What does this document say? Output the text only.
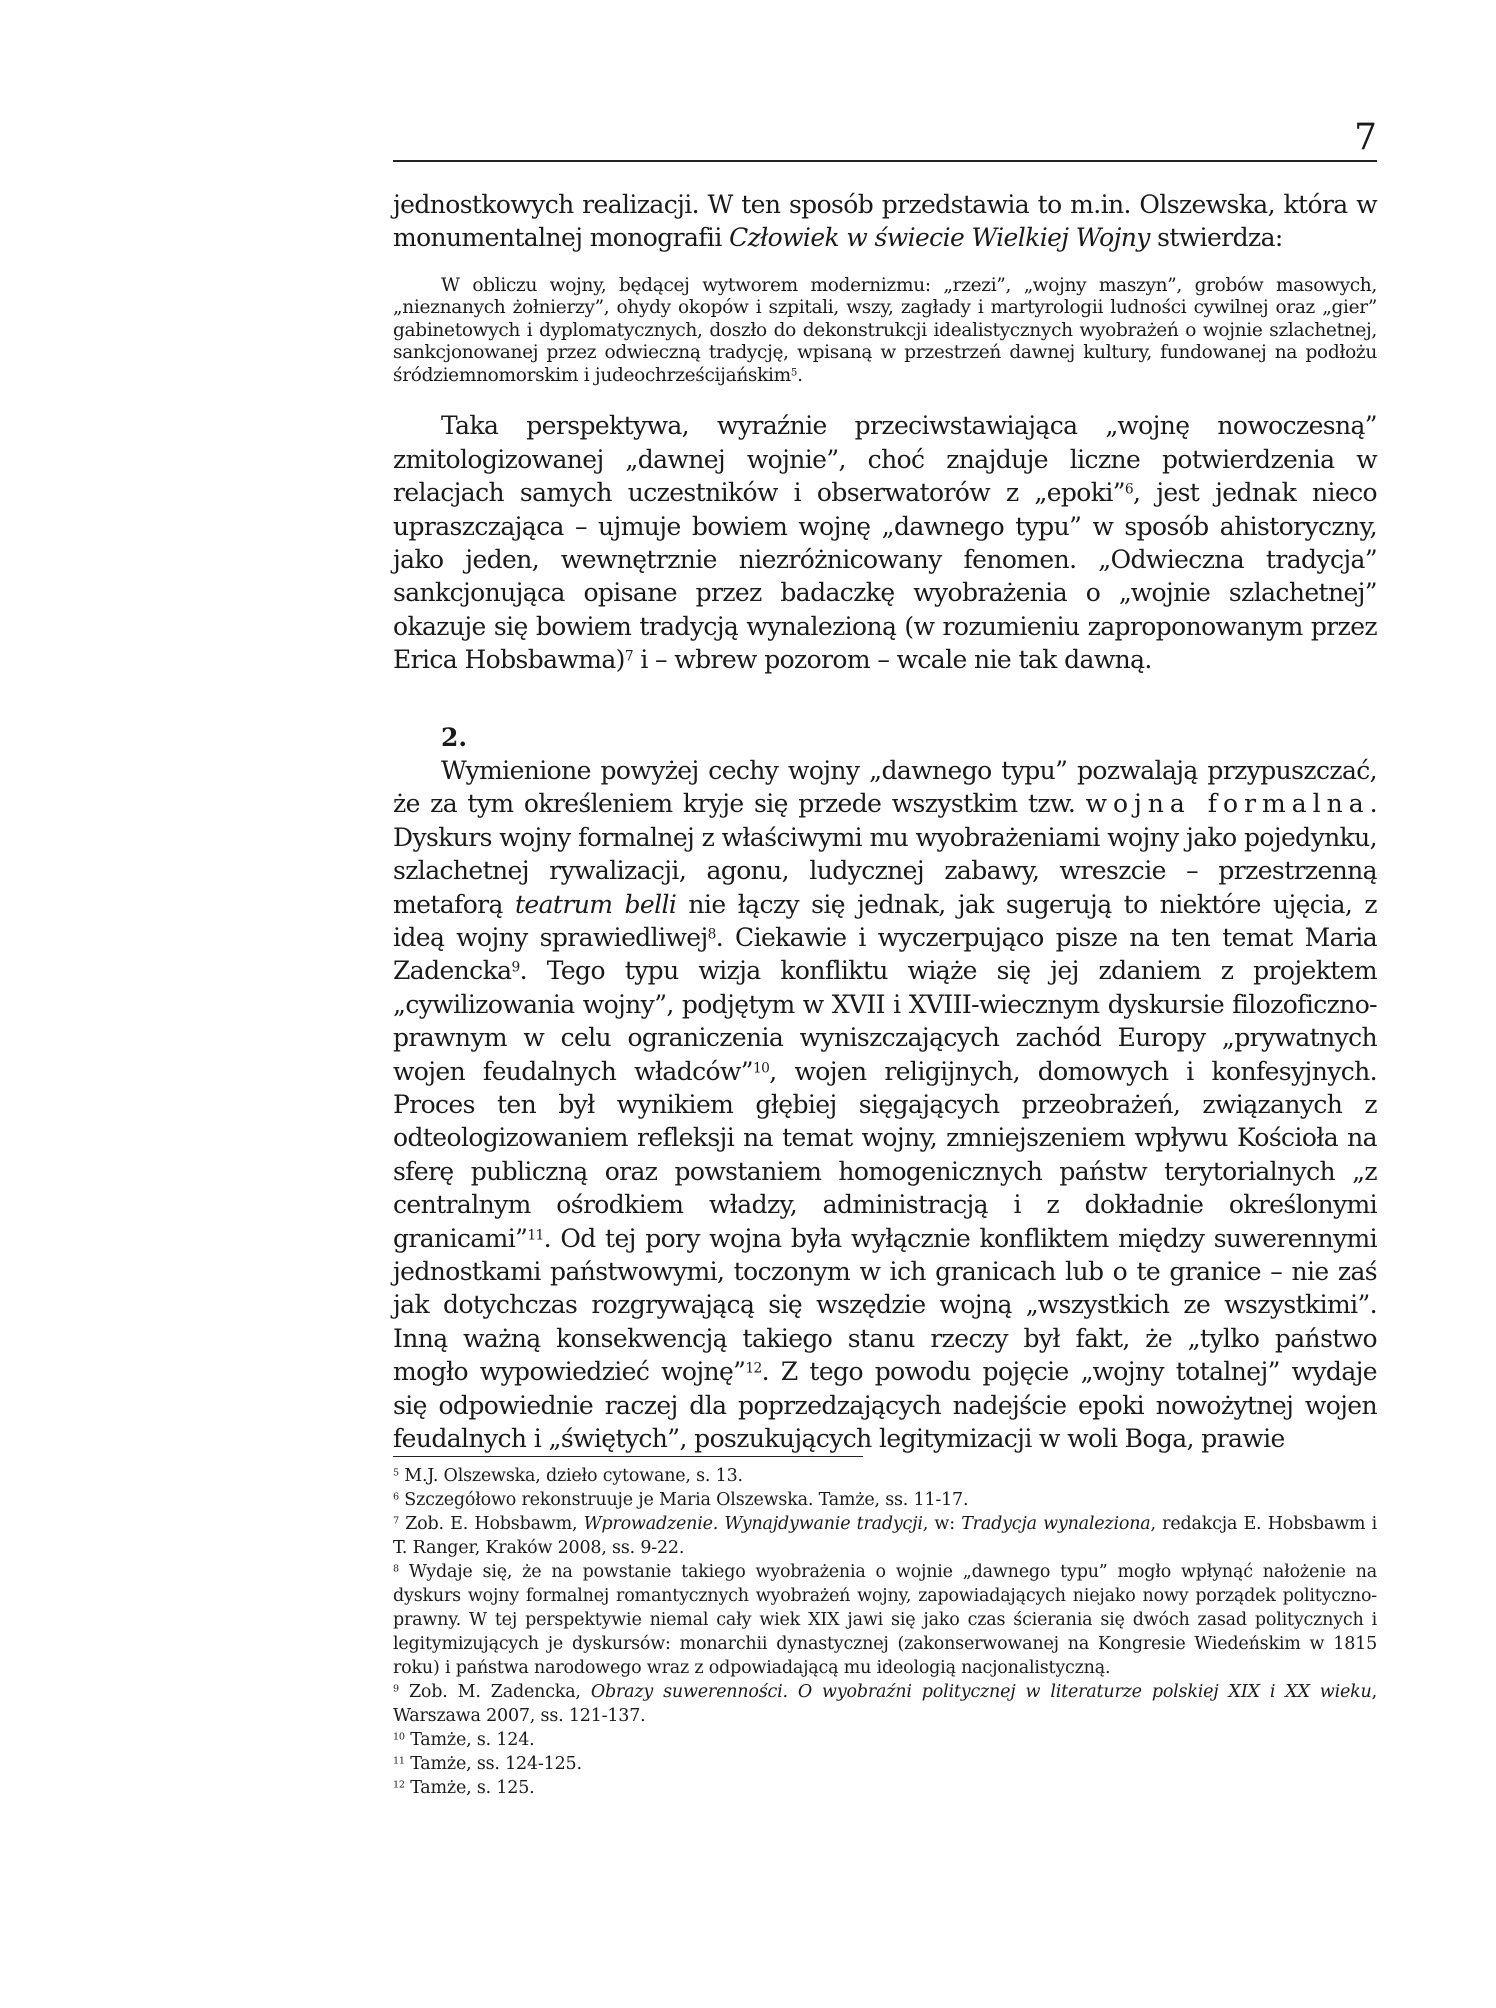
7

jednostkowych realizacji. W ten sposób przedstawia to m.in. Olszewska, która w monumentalnej monografii Człowiek w świecie Wielkiej Wojny stwierdza:

W obliczu wojny, będącej wytworem modernizmu: „rzezi”, „wojny maszyn”, grobów masowych, „nieznanych żołnierzy”, ohydy okopów i szpitali, wszy, zagłady i martyrologii ludności cywilnej oraz „gier” gabinetowych i dyplomatycznych, doszło do dekonstrukcji idealistycznych wyobrażeń o wojnie szlachetnej, sankcjonowanej przez odwieczną tradycję, wpisaną w przestrzeń dawnej kultury, fundowanej na podłożu śródziemnomorskim i judeochrześcijańskim$^5$.

Taka perspektywa, wyraźnie przeciwstawiająca „wojnę nowoczesną” zmitologizowanej „dawnej wojnie”, choć znajduje liczne potwierdzenia w relacjach samych uczestników i obserwatorów z „epoki”$^6$, jest jednak nieco upraszczająca – ujmuje bowiem wojnę „dawnego typu” w sposób ahistoryczny, jako jeden, wewnętrznie niezróżnicowany fenomen. „Odwieczna tradycja” sankcjonująca opisane przez badaczkę wyobrażenia o „wojnie szlachetnej” okazuje się bowiem tradycją wynalezioną (w rozumieniu zaproponowanym przez Erica Hobsbawma)$^7$ i – wbrew pozorom – wcale nie tak dawną.

2.

Wymienione powyżej cechy wojny „dawnego typu” pozwalają przypuszczać, że za tym określeniem kryje się przede wszystkim tzw. wojna formalna. Dyskurs wojny formalnej z właściwymi mu wyobrażeniami wojny jako pojedynku, szlachetnej rywalizacji, agonu, ludycznej zabawy, wreszcie – przestrzenną metaforą teatrum belli nie łączy się jednak, jak sugerują to niektóre ujęcia, z ideą wojny sprawiedliwej$^8$. Ciekawie i wyczerpująco pisze na ten temat Maria Zadencka$^9$. Tego typu wizja konfliktu wiąże się jej zdaniem z projektem „cywilizowania wojny”, podjętym w XVII i XVIII-wiecznym dyskursie filozoficzno-prawnym w celu ograniczenia wyniszczających zachód Europy „prywatnych wojen feudalnych władców”$^{10}$, wojen religijnych, domowych i konfesyjnych. Proces ten był wynikiem głębiej sięgających przeobrażeń, związanych z odteologizowaniem refleksji na temat wojny, zmniejszeniem wpływu Kościoła na sferę publiczną oraz powstaniem homogenicznych państw terytorialnych „z centralnym ośrodkiem władzy, administracją i z dokładnie określonymi granicami”$^{11}$. Od tej pory wojna była wyłącznie konfliktem między suwerennymi jednostkami państwowymi, toczonym w ich granicach lub o te granice – nie zaś jak dotychczas rozgrywającą się wszędzie wojną „wszystkich ze wszystkimi”. Inną ważną konsekwencją takiego stanu rzeczy był fakt, że „tylko państwo mogło wypowiedzieć wojnę”$^{12}$. Z tego powodu pojęcie „wojny totalnej” wydaje się odpowiednie raczej dla poprzedzających nadejście epoki nowożytnej wojen feudalnych i „świętych”, poszukujących legitymizacji w woli Boga, prawie

$^5$ M.J. Olszewska, dzieło cytowane, s. 13.

$^6$ Szczegółowo rekonstruuje je Maria Olszewska. Tamże, ss. 11-17.

$^7$ Zob. E. Hobsbawm, Wprowadzenie. Wynajdywanie tradycji, w: Tradycja wynaleziona, redakcja E. Hobsbawm i T. Ranger, Kraków 2008, ss. 9-22.

$^8$ Wydaje się, że na powstanie takiego wyobrażenia o wojnie „dawnego typu” mogło wpłynąć nałożenie na dyskurs wojny formalnej romantycznych wyobrażeń wojny, zapowiadających niejako nowy porządek polityczno-prawny. W tej perspektywie niemal cały wiek XIX jawi się jako czas ścierania się dwóch zasad politycznych i legitymizujących je dyskursów: monarchii dynastycznej (zakonserwowanej na Kongresie Wiedeńskim w 1815 roku) i państwa narodowego wraz z odpowiadającą mu ideologią nacjonalistyczną.

$^9$ Zob. M. Zadencka, Obrazy suwerenności. O wyobraźni politycznej w literaturze polskiej XIX i XX wieku, Warszawa 2007, ss. 121-137.

$^{10}$ Tamże, s. 124.

$^{11}$ Tamże, ss. 124-125.

$^{12}$ Tamże, s. 125.
